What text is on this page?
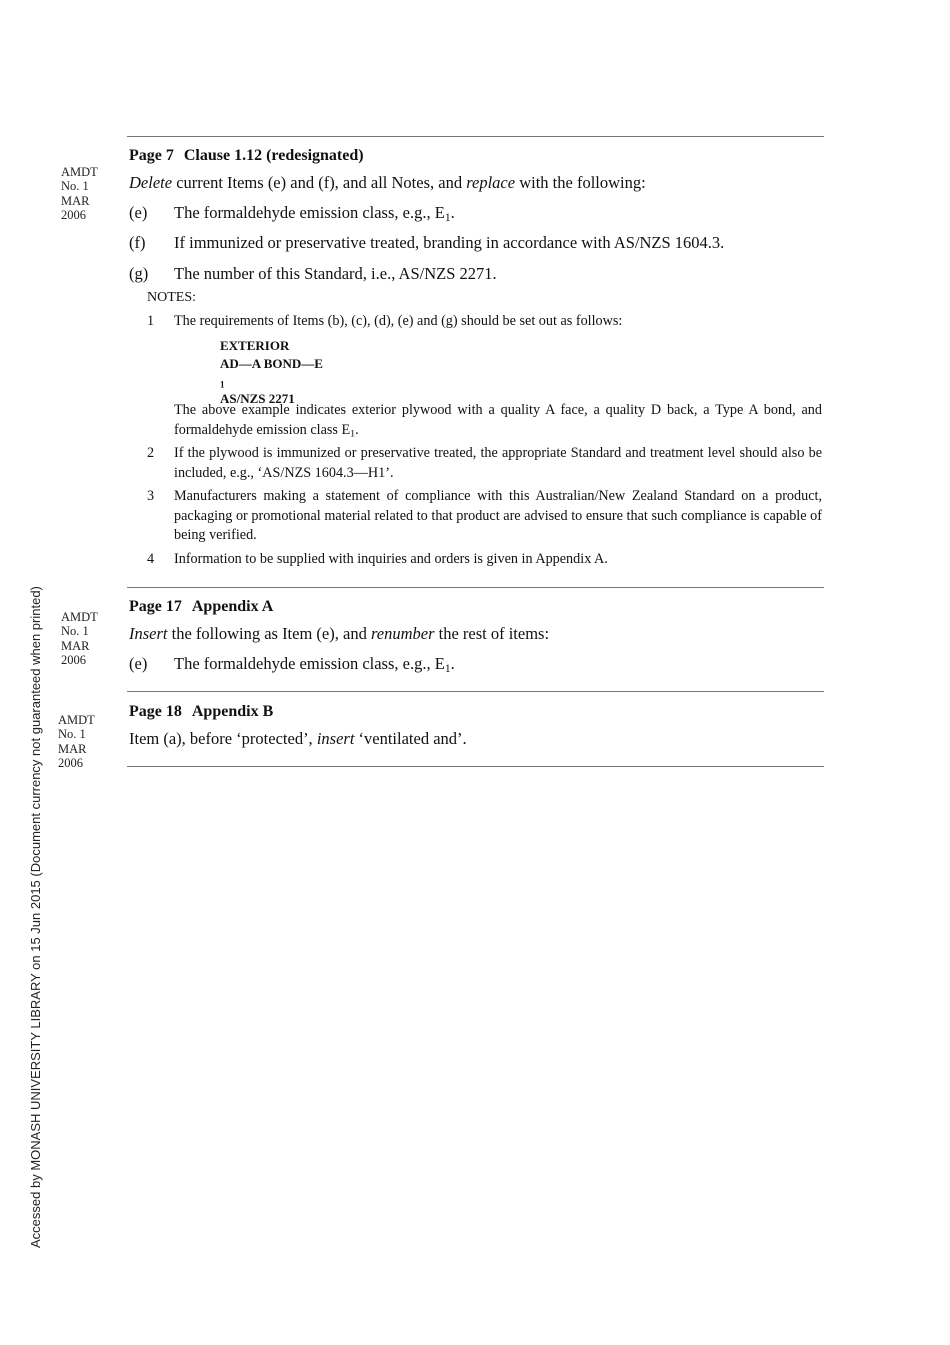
Accessed by MONASH UNIVERSITY LIBRARY on 15 Jun 2015 (Document currency not guaranteed when printed)
AMDT
No. 1
MAR
2006
Page 7 Clause 1.12 (redesignated)
Delete current Items (e) and (f), and all Notes, and replace with the following:
(e) The formaldehyde emission class, e.g., $E_1$.
(f) If immunized or preservative treated, branding in accordance with AS/NZS 1604.3.
(g) The number of this Standard, i.e., AS/NZS 2271.
NOTES:
1 The requirements of Items (b), (c), (d), (e) and (g) should be set out as follows:
EXTERIOR
AD—A BOND—E
$_1$
AS/NZS 2271
The above example indicates exterior plywood with a quality A face, a quality D back, a Type A bond, and formaldehyde emission class $E_1$.
2 If the plywood is immunized or preservative treated, the appropriate Standard and treatment level should also be included, e.g., ‘AS/NZS 1604.3—H1’.
3 Manufacturers making a statement of compliance with this Australian/New Zealand Standard on a product, packaging or promotional material related to that product are advised to ensure that such compliance is capable of being verified.
4 Information to be supplied with inquiries and orders is given in Appendix A.
AMDT
No. 1
MAR
2006
Page 17 Appendix A
Insert the following as Item (e), and renumber the rest of items:
(e) The formaldehyde emission class, e.g., $E_1$.
AMDT
No. 1
MAR
2006
Page 18 Appendix B
Item (a), before ‘protected’, insert ‘ventilated and’.
